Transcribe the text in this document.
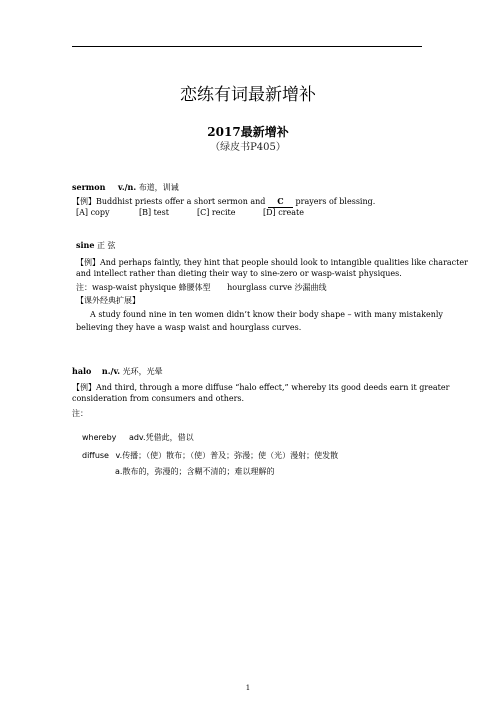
恋练有词最新增补
2017最新增补
（绿皮书P405）
sermon v./n. 布道，训诫
【例】Buddhist priests offer a short sermon and C prayers of blessing.
[A] copy	[B] test	[C] recite	[D] create
sine 正 弦
【例】And perhaps faintly, they hint that people should look to intangible qualities like character
and intellect rather than dieting their way to sine-zero or wasp-waist physiques.
注：wasp-waist physique 蜂腰体型 hourglass curve 沙漏曲线
【课外经典扩展】
A study found nine in ten women didn’t know their body shape – with many mistakenly
believing they have a wasp waist and hourglass curves.
halo n./v. 光环，光晕
【例】And third, through a more diffuse “halo effect,” whereby its good deeds earn it greater
consideration from consumers and others.
注：
whereby adv.凭借此，借以
diffuse v.传播；（使）散布；（使）普及；弥漫；使（光）漫射；使发散
a.散布的，弥漫的；含糊不清的；难以理解的
1
